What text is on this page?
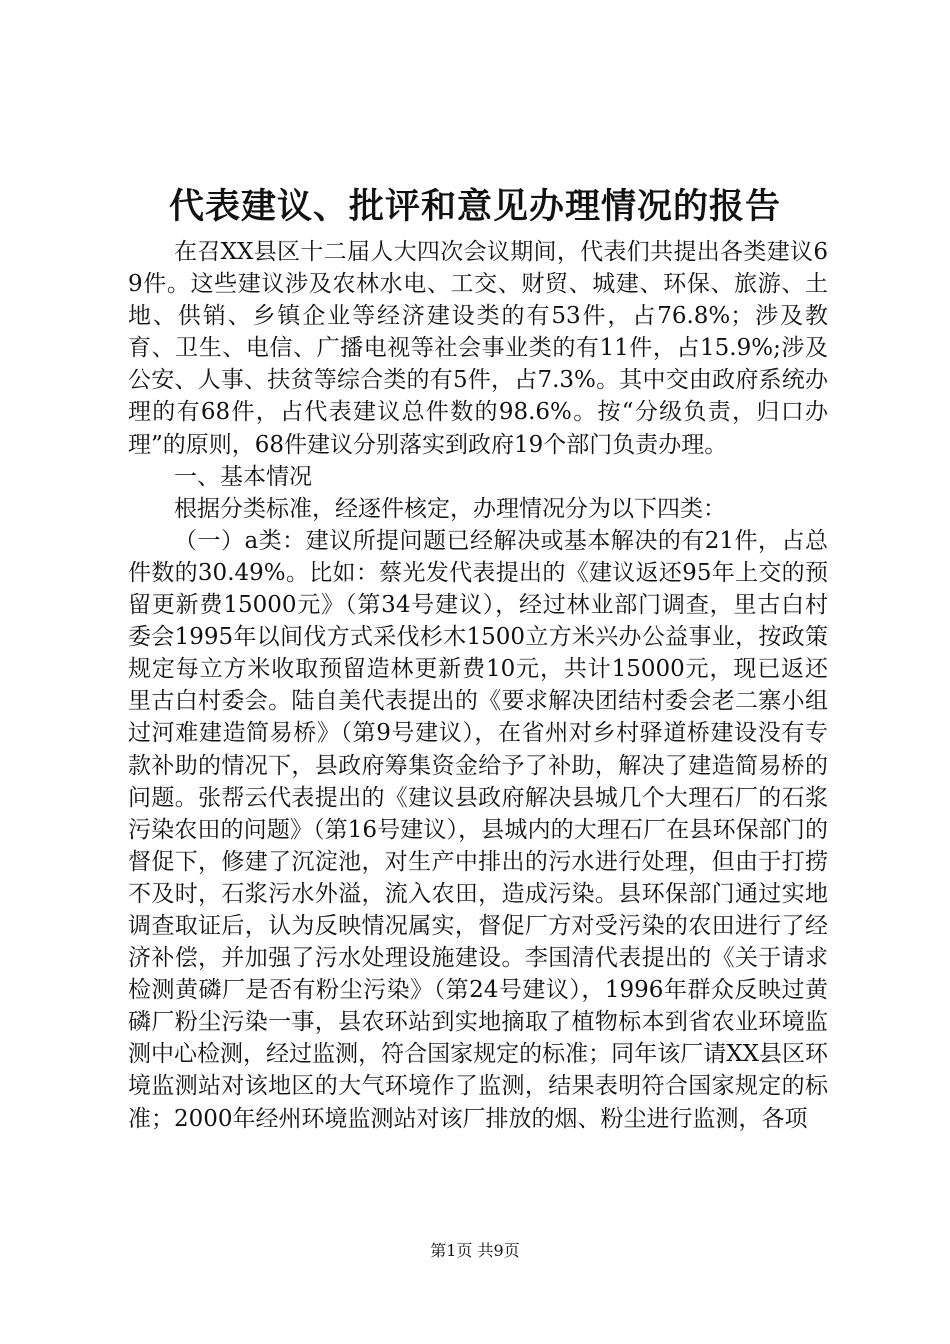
代表建议、批评和意见办理情况的报告

在召XX县区十二届人大四次会议期间，代表们共提出各类建议69件。这些建议涉及农林水电、工交、财贸、城建、环保、旅游、土地、供销、乡镇企业等经济建设类的有53件，占76.8%；涉及教育、卫生、电信、广播电视等社会事业类的有11件，占15.9%;涉及公安、人事、扶贫等综合类的有5件，占7.3%。其中交由政府系统办理的有68件，占代表建议总件数的98.6%。按“分级负责，归口办理”的原则，68件建议分别落实到政府19个部门负责办理。

一、基本情况

根据分类标准，经逐件核定，办理情况分为以下四类：

（一）a类：建议所提问题已经解决或基本解决的有21件，占总件数的30.49%。比如：蔡光发代表提出的《建议返还95年上交的预留更新费15000元》（第34号建议），经过林业部门调查，里古白村委会1995年以间伐方式采伐杉木1500立方米兴办公益事业，按政策规定每立方米收取预留造林更新费10元，共计15000元，现已返还里古白村委会。陆自美代表提出的《要求解决团结村委会老二寨小组过河难建造简易桥》（第9号建议），在省州对乡村驿道桥建设没有专款补助的情况下，县政府筹集资金给予了补助，解决了建造简易桥的问题。张帮云代表提出的《建议县政府解决县城几个大理石厂的石浆污染农田的问题》（第16号建议），县城内的大理石厂在县环保部门的督促下，修建了沉淀池，对生产中排出的污水进行处理，但由于打捞不及时，石浆污水外溢，流入农田，造成污染。县环保部门通过实地调查取证后，认为反映情况属实，督促厂方对受污染的农田进行了经济补偿，并加强了污水处理设施建设。李国清代表提出的《关于请求检测黄磷厂是否有粉尘污染》（第24号建议），1996年群众反映过黄磷厂粉尘污染一事，县农环站到实地摘取了植物标本到省农业环境监测中心检测，经过监测，符合国家规定的标准；同年该厂请XX县区环境监测站对该地区的大气环境作了监测，结果表明符合国家规定的标准；2000年经州环境监测站对该厂排放的烟、粉尘进行监测，各项

第1页 共9页
